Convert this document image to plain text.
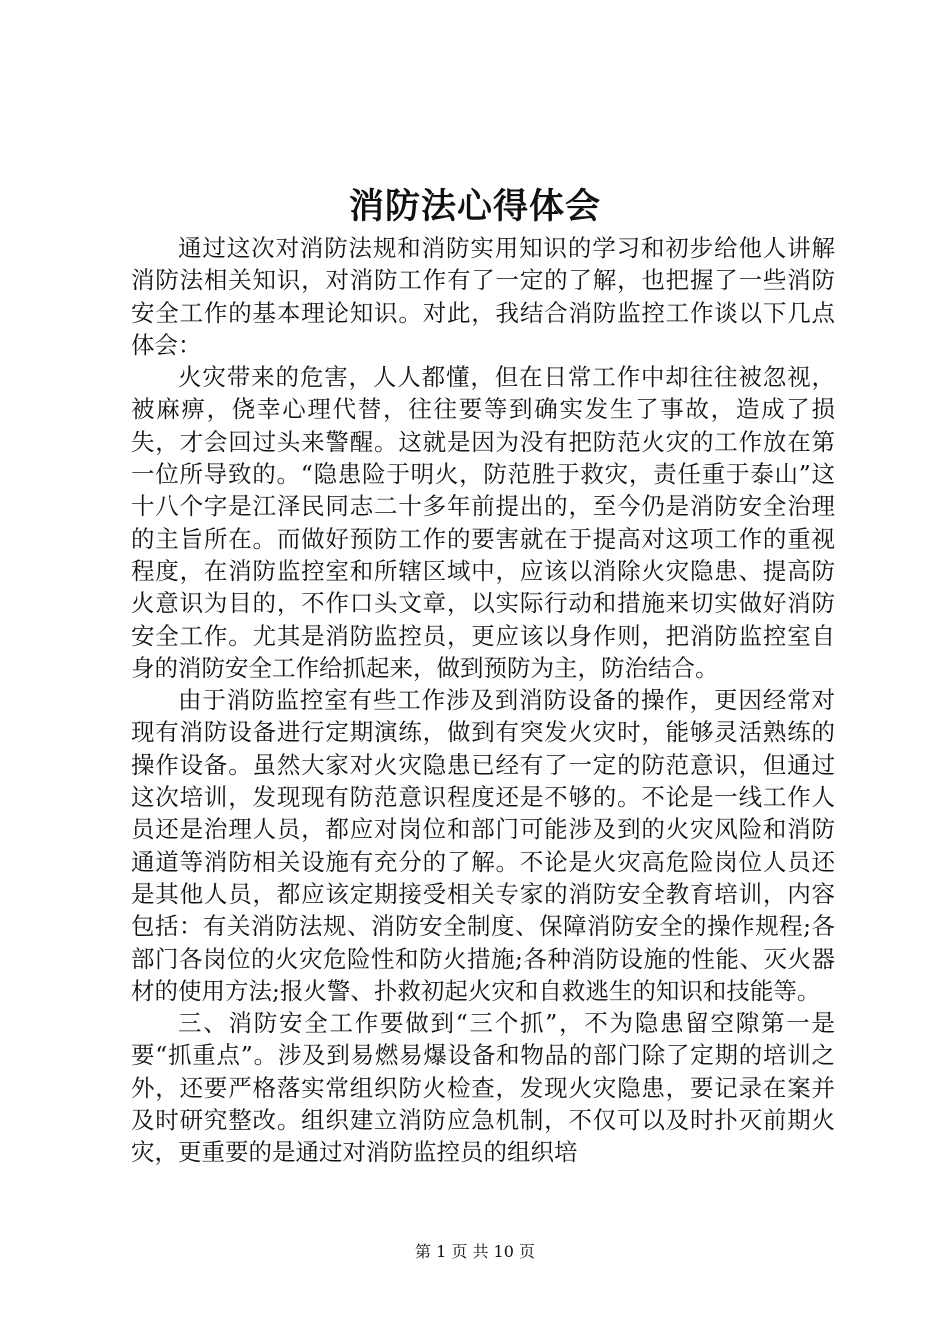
消防法心得体会

通过这次对消防法规和消防实用知识的学习和初步给他人讲解消防法相关知识，对消防工作有了一定的了解，也把握了一些消防安全工作的基本理论知识。对此，我结合消防监控工作谈以下几点体会：

火灾带来的危害，人人都懂，但在日常工作中却往往被忽视，被麻痹，侥幸心理代替，往往要等到确实发生了事故，造成了损失，才会回过头来警醒。这就是因为没有把防范火灾的工作放在第一位所导致的。“隐患险于明火，防范胜于救灾，责任重于泰山”这十八个字是江泽民同志二十多年前提出的，至今仍是消防安全治理的主旨所在。而做好预防工作的要害就在于提高对这项工作的重视程度，在消防监控室和所辖区域中，应该以消除火灾隐患、提高防火意识为目的，不作口头文章，以实际行动和措施来切实做好消防安全工作。尤其是消防监控员，更应该以身作则，把消防监控室自身的消防安全工作给抓起来，做到预防为主，防治结合。

由于消防监控室有些工作涉及到消防设备的操作，更因经常对现有消防设备进行定期演练，做到有突发火灾时，能够灵活熟练的操作设备。虽然大家对火灾隐患已经有了一定的防范意识，但通过这次培训，发现现有防范意识程度还是不够的。不论是一线工作人员还是治理人员，都应对岗位和部门可能涉及到的火灾风险和消防通道等消防相关设施有充分的了解。不论是火灾高危险岗位人员还是其他人员，都应该定期接受相关专家的消防安全教育培训，内容包括：有关消防法规、消防安全制度、保障消防安全的操作规程;各部门各岗位的火灾危险性和防火措施;各种消防设施的性能、灭火器材的使用方法;报火警、扑救初起火灾和自救逃生的知识和技能等。

三、消防安全工作要做到“三个抓”，不为隐患留空隙第一是要“抓重点”。涉及到易燃易爆设备和物品的部门除了定期的培训之外，还要严格落实常组织防火检查，发现火灾隐患，要记录在案并及时研究整改。组织建立消防应急机制，不仅可以及时扑灭前期火灾，更重要的是通过对消防监控员的组织培

第 1 页 共 10 页
